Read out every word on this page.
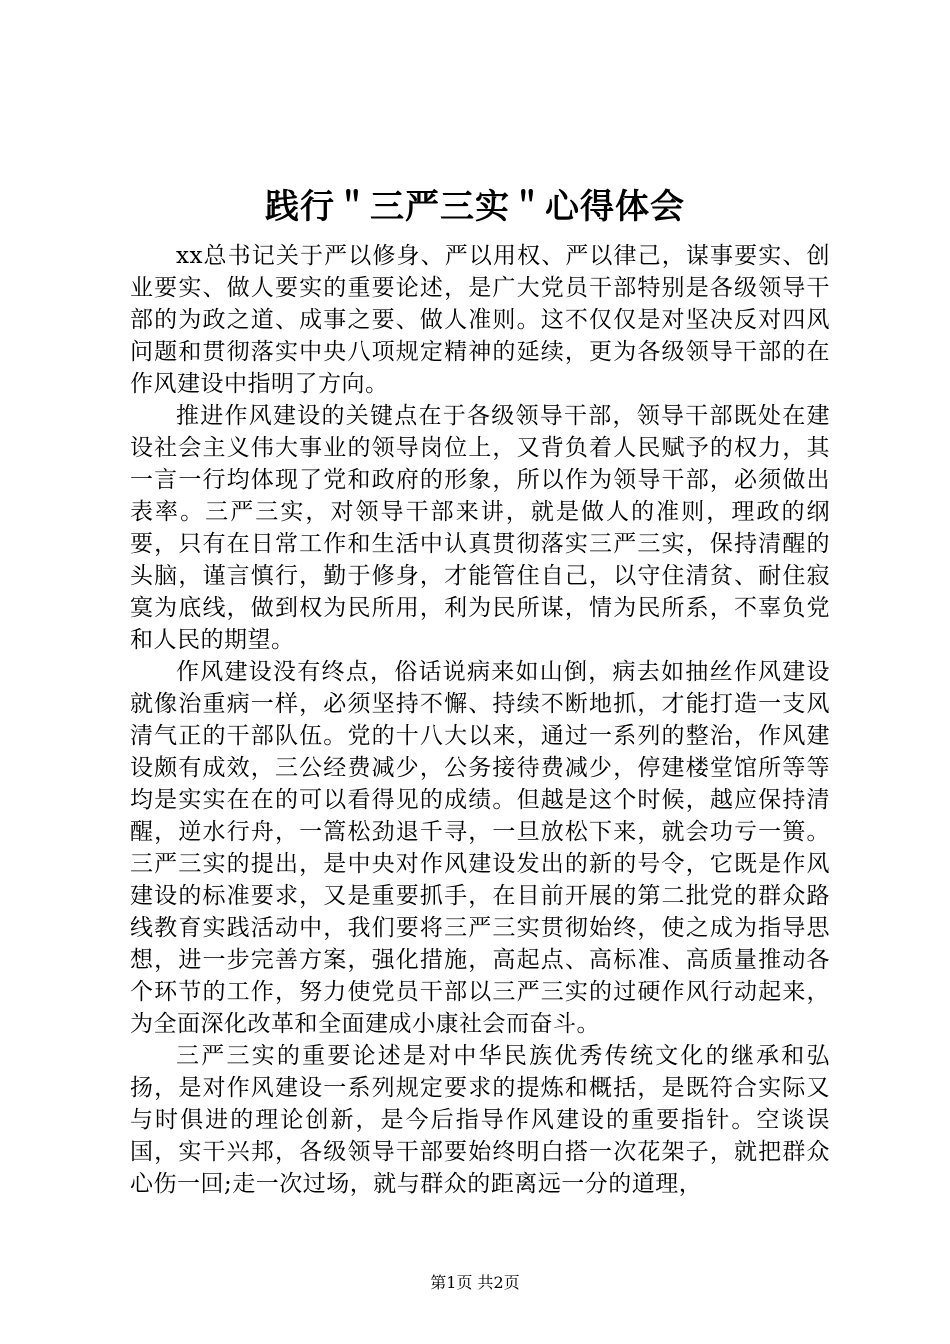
践行＂三严三实＂心得体会

xx总书记关于严以修身、严以用权、严以律己，谋事要实、创业要实、做人要实的重要论述，是广大党员干部特别是各级领导干部的为政之道、成事之要、做人准则。这不仅仅是对坚决反对四风问题和贯彻落实中央八项规定精神的延续，更为各级领导干部的在作风建设中指明了方向。

推进作风建设的关键点在于各级领导干部，领导干部既处在建设社会主义伟大事业的领导岗位上，又背负着人民赋予的权力，其一言一行均体现了党和政府的形象，所以作为领导干部，必须做出表率。三严三实，对领导干部来讲，就是做人的准则，理政的纲要，只有在日常工作和生活中认真贯彻落实三严三实，保持清醒的头脑，谨言慎行，勤于修身，才能管住自己，以守住清贫、耐住寂寞为底线，做到权为民所用，利为民所谋，情为民所系，不辜负党和人民的期望。

作风建设没有终点，俗话说病来如山倒，病去如抽丝作风建设就像治重病一样，必须坚持不懈、持续不断地抓，才能打造一支风清气正的干部队伍。党的十八大以来，通过一系列的整治，作风建设颇有成效，三公经费减少，公务接待费减少，停建楼堂馆所等等均是实实在在的可以看得见的成绩。但越是这个时候，越应保持清醒，逆水行舟，一篙松劲退千寻，一旦放松下来，就会功亏一篑。三严三实的提出，是中央对作风建设发出的新的号令，它既是作风建设的标准要求，又是重要抓手，在目前开展的第二批党的群众路线教育实践活动中，我们要将三严三实贯彻始终，使之成为指导思想，进一步完善方案，强化措施，高起点、高标准、高质量推动各个环节的工作，努力使党员干部以三严三实的过硬作风行动起来，为全面深化改革和全面建成小康社会而奋斗。

三严三实的重要论述是对中华民族优秀传统文化的继承和弘扬，是对作风建设一系列规定要求的提炼和概括，是既符合实际又与时俱进的理论创新，是今后指导作风建设的重要指针。空谈误国，实干兴邦，各级领导干部要始终明白搭一次花架子，就把群众心伤一回;走一次过场，就与群众的距离远一分的道理，

第1页 共2页
